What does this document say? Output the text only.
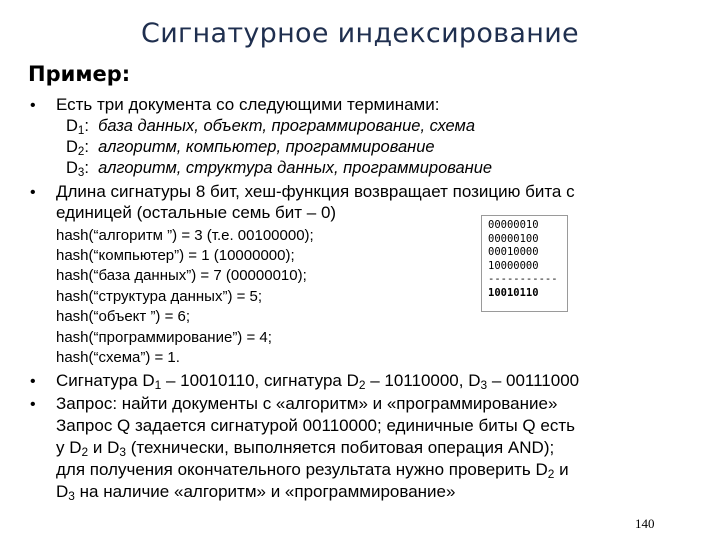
Сигнатурное индексирование
Пример:
• Есть три документа со следующими терминами:
$D_1$: база данных, объект, программирование, схема
$D_2$: алгоритм, компьютер, программирование
$D_3$: алгоритм, структура данных, программирование
• Длина сигнатуры 8 бит, хеш-функция возвращает позицию бита с
единицей (остальные семь бит – 0)
hash(“алгоритм ”) = 3 (т.е. 00100000);
hash(“компьютер”) = 1 (10000000);
hash(“база данных”) = 7 (00000010);
hash(“структура данных”) = 5;
hash(“объект ”) = 6;
hash(“программирование”) = 4;
hash(“схема”) = 1.
00000010
00000100
00010000
10000000
-----------
10010110
• Сигнатура $D_1 - 10010110$, сигнатура $D_2 - 10110000$, $D_3 - 00111000$
• Запрос: найти документы с «алгоритм» и «программирование»
Запрос Q задается сигнатурой 00110000; единичные биты Q есть
у $D_2$ и $D_3$ (технически, выполняется побитовая операция AND);
для получения окончательного результата нужно проверить $D_2$ и
$D_3$ на наличие «алгоритм» и «программирование»
140
